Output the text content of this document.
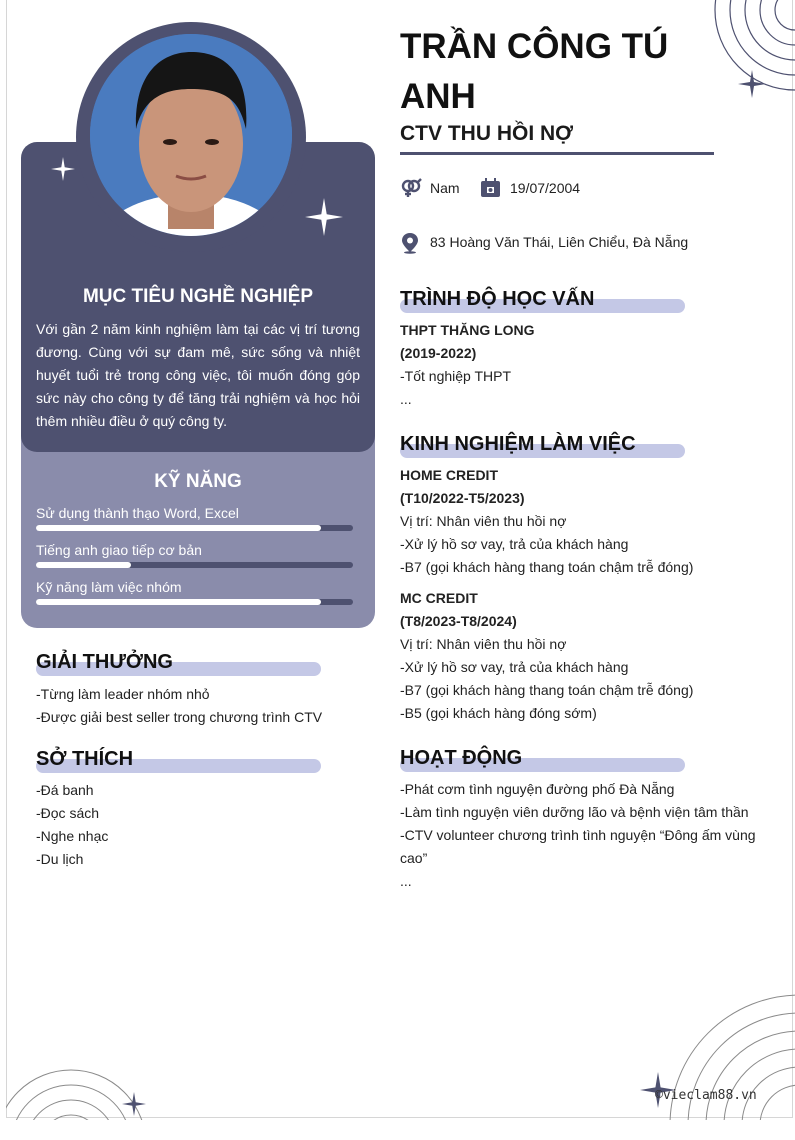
MỤC TIÊU NGHỀ NGHIỆP
Với gần 2 năm kinh nghiệm làm tại các vị trí tương đương. Cùng với sự đam mê, sức sống và nhiệt huyết tuổi trẻ trong công việc, tôi muốn đóng góp sức này cho công ty để tăng trải nghiệm và học hỏi thêm nhiều điều ở quý công ty.
KỸ NĂNG
Sử dụng thành thạo Word, Excel
Tiếng anh giao tiếp cơ bản
Kỹ năng làm việc nhóm
GIẢI THƯỞNG
-Từng làm leader nhóm nhỏ
-Được giải best seller trong chương trình CTV
SỞ THÍCH
-Đá banh
-Đọc sách
-Nghe nhạc
-Du lịch
TRẦN CÔNG TÚ ANH
CTV THU HỒI NỢ
Nam	19/07/2004
83 Hoàng Văn Thái, Liên Chiểu, Đà Nẵng
TRÌNH ĐỘ HỌC VẤN
THPT THĂNG LONG
(2019-2022)
-Tốt nghiệp THPT
...
KINH NGHIỆM LÀM VIỆC
HOME CREDIT
(T10/2022-T5/2023)
Vị trí: Nhân viên thu hồi nợ
-Xử lý hồ sơ vay, trả của khách hàng
-B7 (gọi khách hàng thang toán chậm trễ đóng)
MC CREDIT
(T8/2023-T8/2024)
Vị trí: Nhân viên thu hồi nợ
-Xử lý hồ sơ vay, trả của khách hàng
-B7 (gọi khách hàng thang toán chậm trễ đóng)
-B5 (gọi khách hàng đóng sớm)
HOẠT ĐỘNG
-Phát cơm tình nguyện đường phố Đà Nẵng
-Làm tình nguyện viên dưỡng lão và bệnh viện tâm thần
-CTV volunteer chương trình tình nguyện “Đông ấm vùng
cao”
...
©vieclam88.vn
